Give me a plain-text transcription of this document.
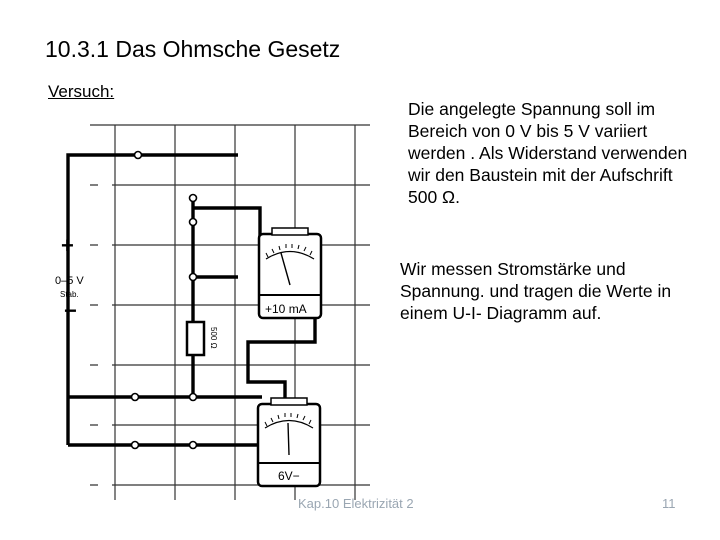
10.3.1 Das Ohmsche Gesetz
Versuch:
500 Ω
+
0–5 V
Stab.
−	+10 mA
6V−

Die angelegte Spannung soll im Bereich von 0 V bis 5 V variiert werden . Als Widerstand verwenden wir den Baustein mit der Aufschrift 500 Ω.

Wir messen Stromstärke und Spannung. und tragen die Werte in einem U-I- Diagramm auf.

Kap.10 Elektrizität 2	11
